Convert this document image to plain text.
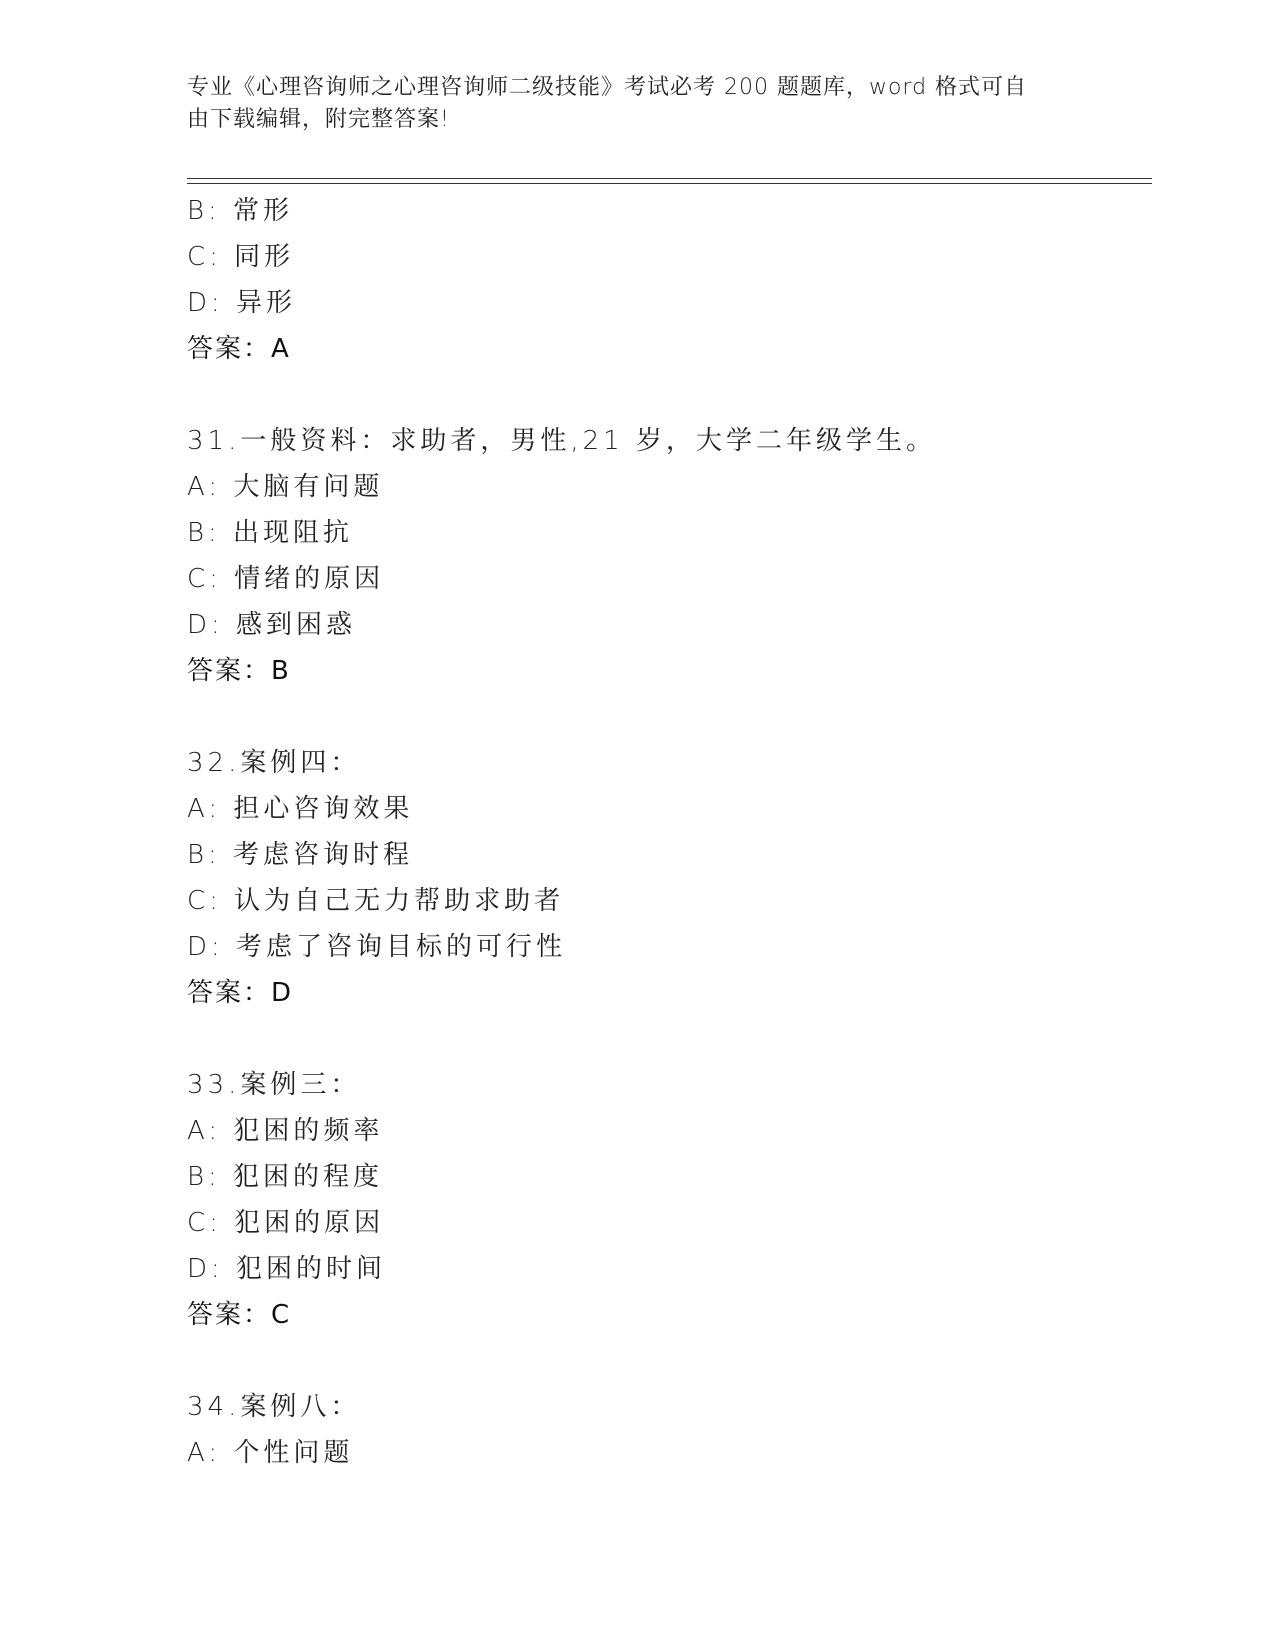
专业《心理咨询师之心理咨询师二级技能》考试必考 200 题题库，word 格式可自
由下载编辑，附完整答案!
B: 常形
C: 同形
D: 异形
答案：A
31.一般资料：求助者，男性,21 岁，大学二年级学生。
A: 大脑有问题
B: 出现阻抗
C: 情绪的原因
D: 感到困惑
答案：B
32.案例四：
A: 担心咨询效果
B: 考虑咨询时程
C: 认为自己无力帮助求助者
D: 考虑了咨询目标的可行性
答案：D
33.案例三：
A: 犯困的频率
B: 犯困的程度
C: 犯困的原因
D: 犯困的时间
答案：C
34.案例八：
A: 个性问题
